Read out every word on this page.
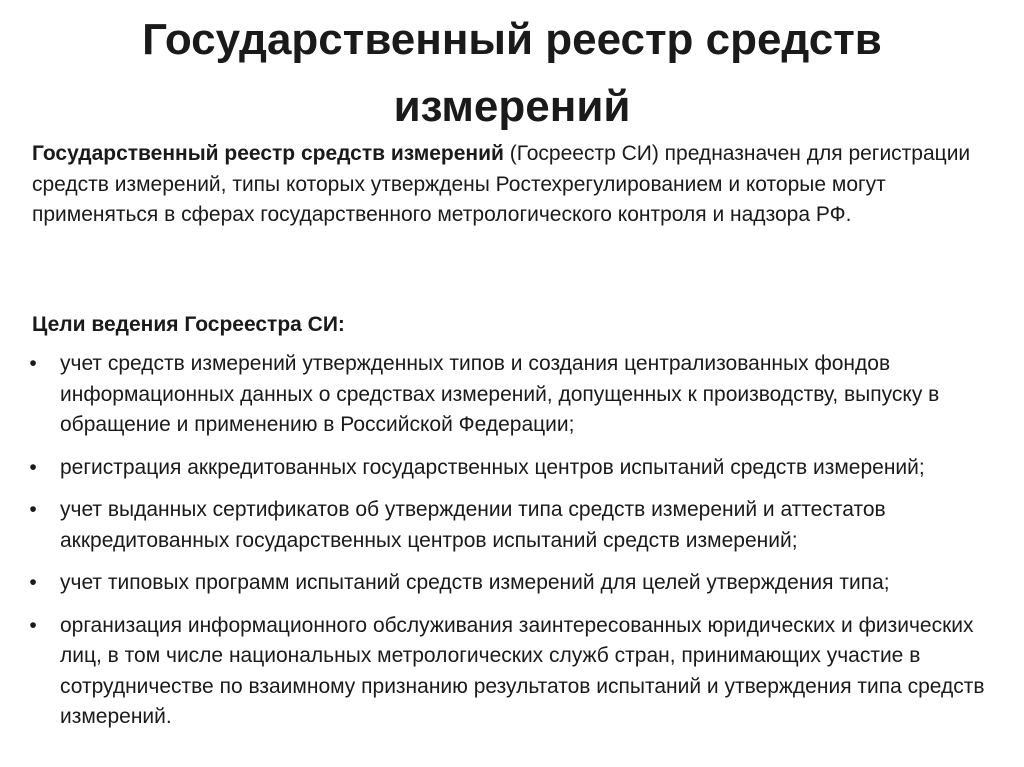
Государственный реестр средств измерений

Государственный реестр средств измерений (Госреестр СИ) предназначен для регистрации средств измерений, типы которых утверждены Ростехрегулированием и которые могут применяться в сферах государственного метрологического контроля и надзора РФ.

Цели ведения Госреестра СИ:

• учет средств измерений утвержденных типов и создания централизованных фондов информационных данных о средствах измерений, допущенных к производству, выпуску в обращение и применению в Российской Федерации;
• регистрация аккредитованных государственных центров испытаний средств измерений;
• учет выданных сертификатов об утверждении типа средств измерений и аттестатов аккредитованных государственных центров испытаний средств измерений;
• учет типовых программ испытаний средств измерений для целей утверждения типа;
• организация информационного обслуживания заинтересованных юридических и физических лиц, в том числе национальных метрологических служб стран, принимающих участие в сотрудничестве по взаимному признанию результатов испытаний и утверждения типа средств измерений.
